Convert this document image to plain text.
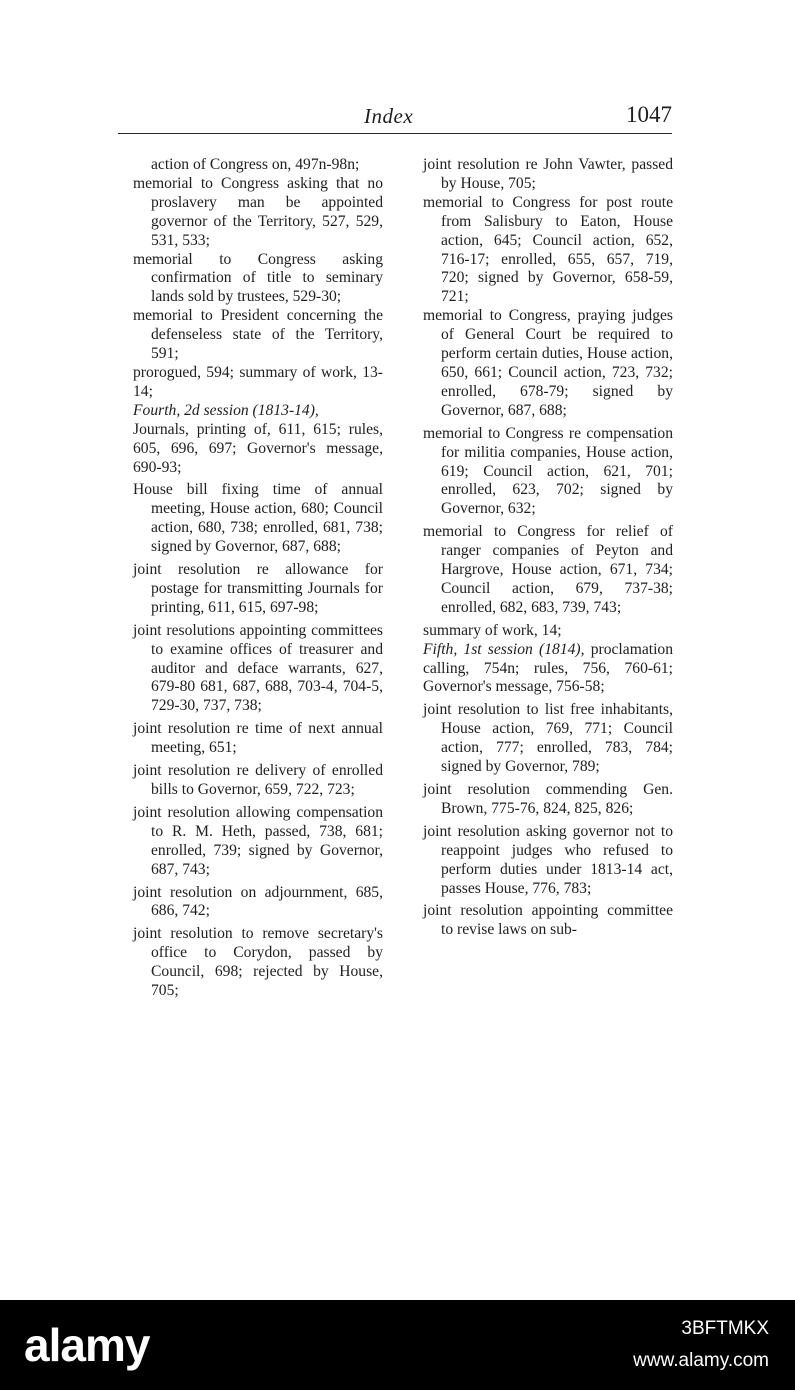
Index	1047
action of Congress on, 497n-98n;
memorial to Congress asking that no proslavery man be appointed governor of the Territory, 527, 529, 531, 533;
memorial to Congress asking confirmation of title to seminary lands sold by trustees, 529-30;
memorial to President concerning the defenseless state of the Territory, 591;
prorogued, 594; summary of work, 13-14;
Fourth, 2d session (1813-14),
Journals, printing of, 611, 615; rules, 605, 696, 697; Governor's message, 690-93;
House bill fixing time of annual meeting, House action, 680; Council action, 680, 738; enrolled, 681, 738; signed by Governor, 687, 688;
joint resolution re allowance for postage for transmitting Journals for printing, 611, 615, 697-98;
joint resolutions appointing committees to examine offices of treasurer and auditor and deface warrants, 627, 679-80 681, 687, 688, 703-4, 704-5, 729-30, 737, 738;
joint resolution re time of next annual meeting, 651;
joint resolution re delivery of enrolled bills to Governor, 659, 722, 723;
joint resolution allowing compensation to R. M. Heth, passed, 738, 681; enrolled, 739; signed by Governor, 687, 743;
joint resolution on adjournment, 685, 686, 742;
joint resolution to remove secretary's office to Corydon, passed by Council, 698; rejected by House, 705;
joint resolution re John Vawter, passed by House, 705;
memorial to Congress for post route from Salisbury to Eaton, House action, 645; Council action, 652, 716-17; enrolled, 655, 657, 719, 720; signed by Governor, 658-59, 721;
memorial to Congress, praying judges of General Court be required to perform certain duties, House action, 650, 661; Council action, 723, 732; enrolled, 678-79; signed by Governor, 687, 688;
memorial to Congress re compensation for militia companies, House action, 619; Council action, 621, 701; enrolled, 623, 702; signed by Governor, 632;
memorial to Congress for relief of ranger companies of Peyton and Hargrove, House action, 671, 734; Council action, 679, 737-38; enrolled, 682, 683, 739, 743;
summary of work, 14;
Fifth, 1st session (1814), proclamation calling, 754n; rules, 756, 760-61; Governor's message, 756-58;
joint resolution to list free inhabitants, House action, 769, 771; Council action, 777; enrolled, 783, 784; signed by Governor, 789;
joint resolution commending Gen. Brown, 775-76, 824, 825, 826;
joint resolution asking governor not to reappoint judges who refused to perform duties under 1813-14 act, passes House, 776, 783;
joint resolution appointing committee to revise laws on sub-
alamy	3BFTMKX
www.alamy.com
